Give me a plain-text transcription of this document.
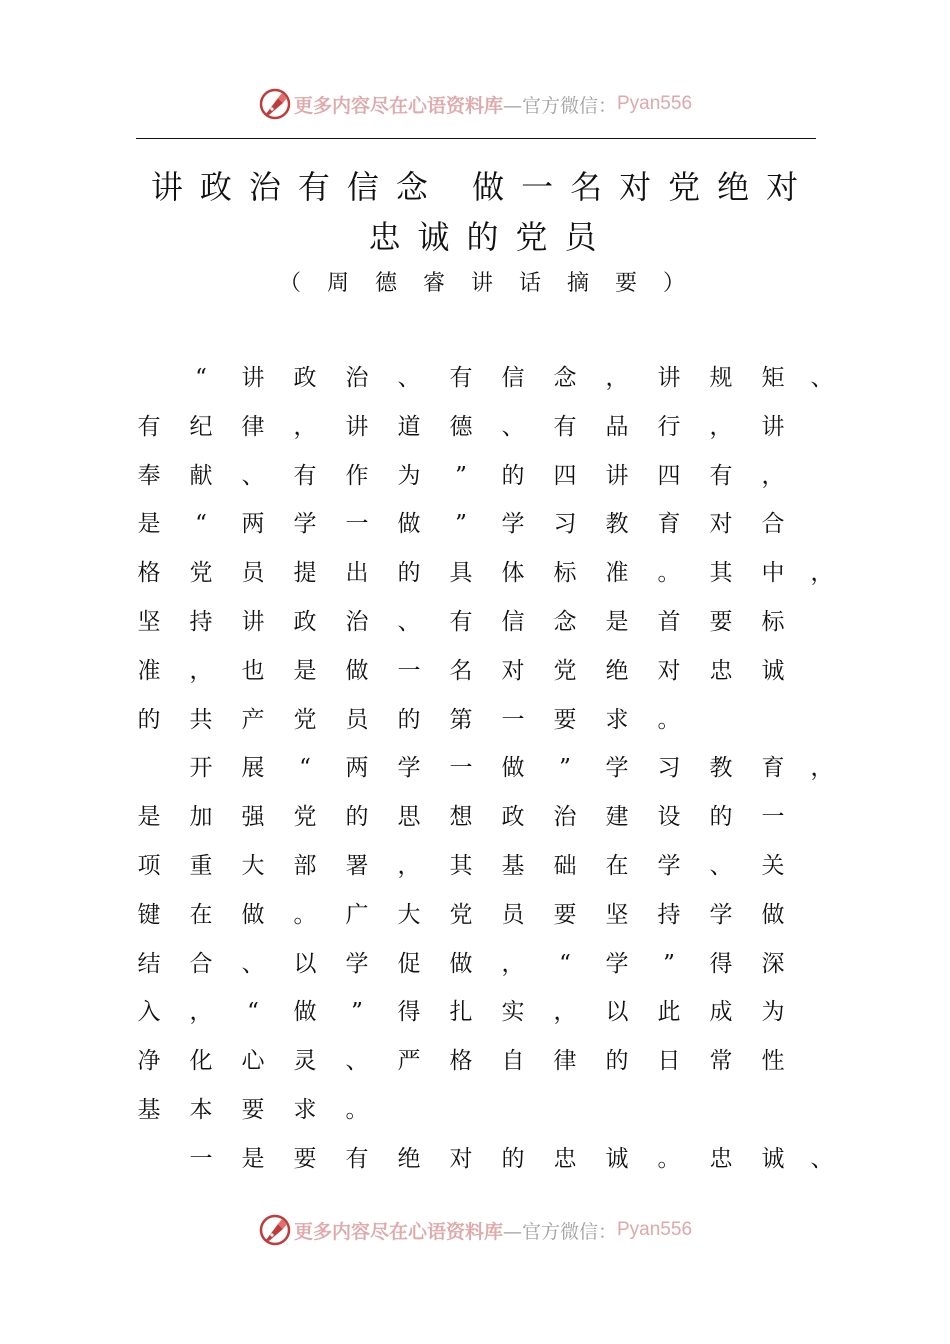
更多内容尽在心语资料库 —官方微信： Pyan556
讲政治有信念 做一名对党绝对
忠诚的党员
（周德睿讲话摘要）
“	讲 政 治 、 有 信 念 ， 讲 规 矩 、
有 纪 律 ， 讲 道 德 、 有 品 行 ， 讲
奉 献 、 有 作 为	”	的 四 讲 四 有 ，
是	“	两 学 一 做	”	学 习 教 育 对 合
格 党 员 提 出 的 具 体 标 准 。 其 中 ，
坚 持 讲 政 治 、 有 信 念 是 首 要 标
准 ， 也 是 做 一 名 对 党 绝 对 忠 诚
的 共 产 党 员 的 第 一 要 求 。
开 展	“	两 学 一 做	”	学 习 教 育 ，
是 加 强 党 的 思 想 政 治 建 设 的 一
项 重 大 部 署 ， 其 基 础 在 学 、 关
键 在 做 。 广 大 党 员 要 坚 持 学 做
结 合 、 以 学 促 做 ，	“	学	”	得 深
入 ，	“	做	”	得 扎 实 ， 以 此 成 为
净 化 心 灵 、 严 格 自 律 的 日 常 性
基 本 要 求 。
一 是 要 有 绝 对 的 忠 诚 。 忠 诚 、
更多内容尽在心语资料库 —官方微信： Pyan556
